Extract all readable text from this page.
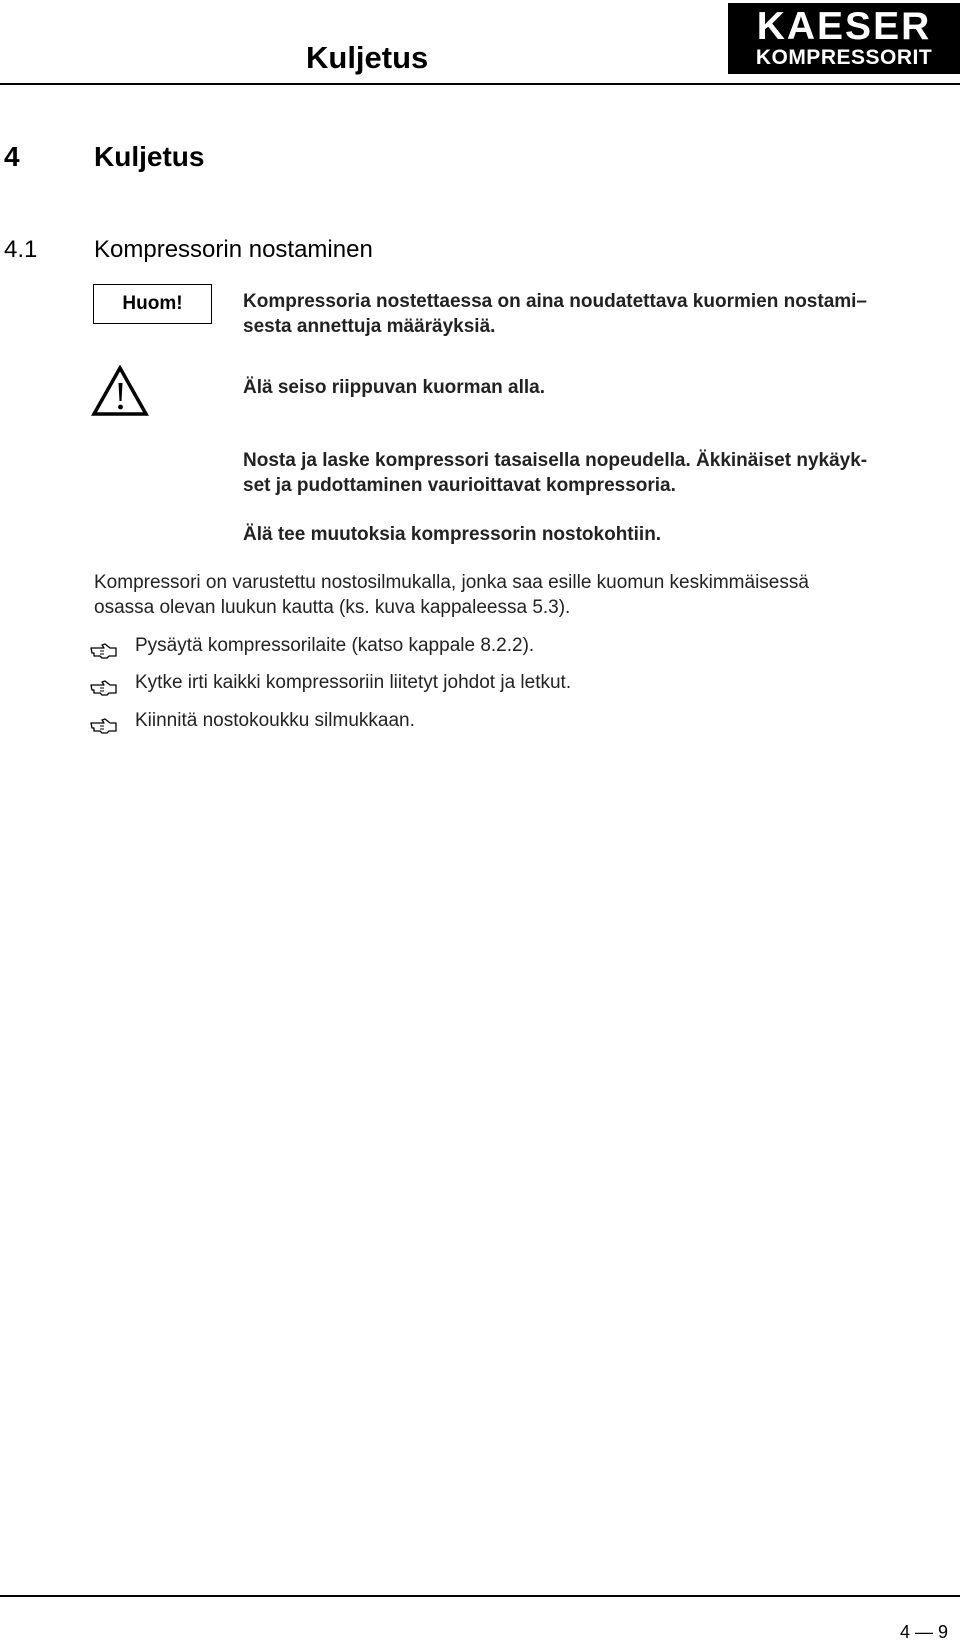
Kuljetus
KAESER
KOMPRESSORIT
4	Kuljetus
4.1 Kompressorin nostaminen
Huom!	Kompressoria nostettaessa on aina noudatettava kuormien nostami–
sesta annettuja määräyksiä.
Älä seiso riippuvan kuorman alla.
Nosta ja laske kompressori tasaisella nopeudella. Äkkinäiset nykäyk-
set ja pudottaminen vaurioittavat kompressoria.
Älä tee muutoksia kompressorin nostokohtiin.
Kompressori on varustettu nostosilmukalla, jonka saa esille kuomun keskimmäisessä
osassa olevan luukun kautta (ks. kuva kappaleessa 5.3).
Pysäytä kompressorilaite (katso kappale 8.2.2).
Kytke irti kaikki kompressoriin liitetyt johdot ja letkut.
Kiinnitä nostokoukku silmukkaan.
4 — 9
